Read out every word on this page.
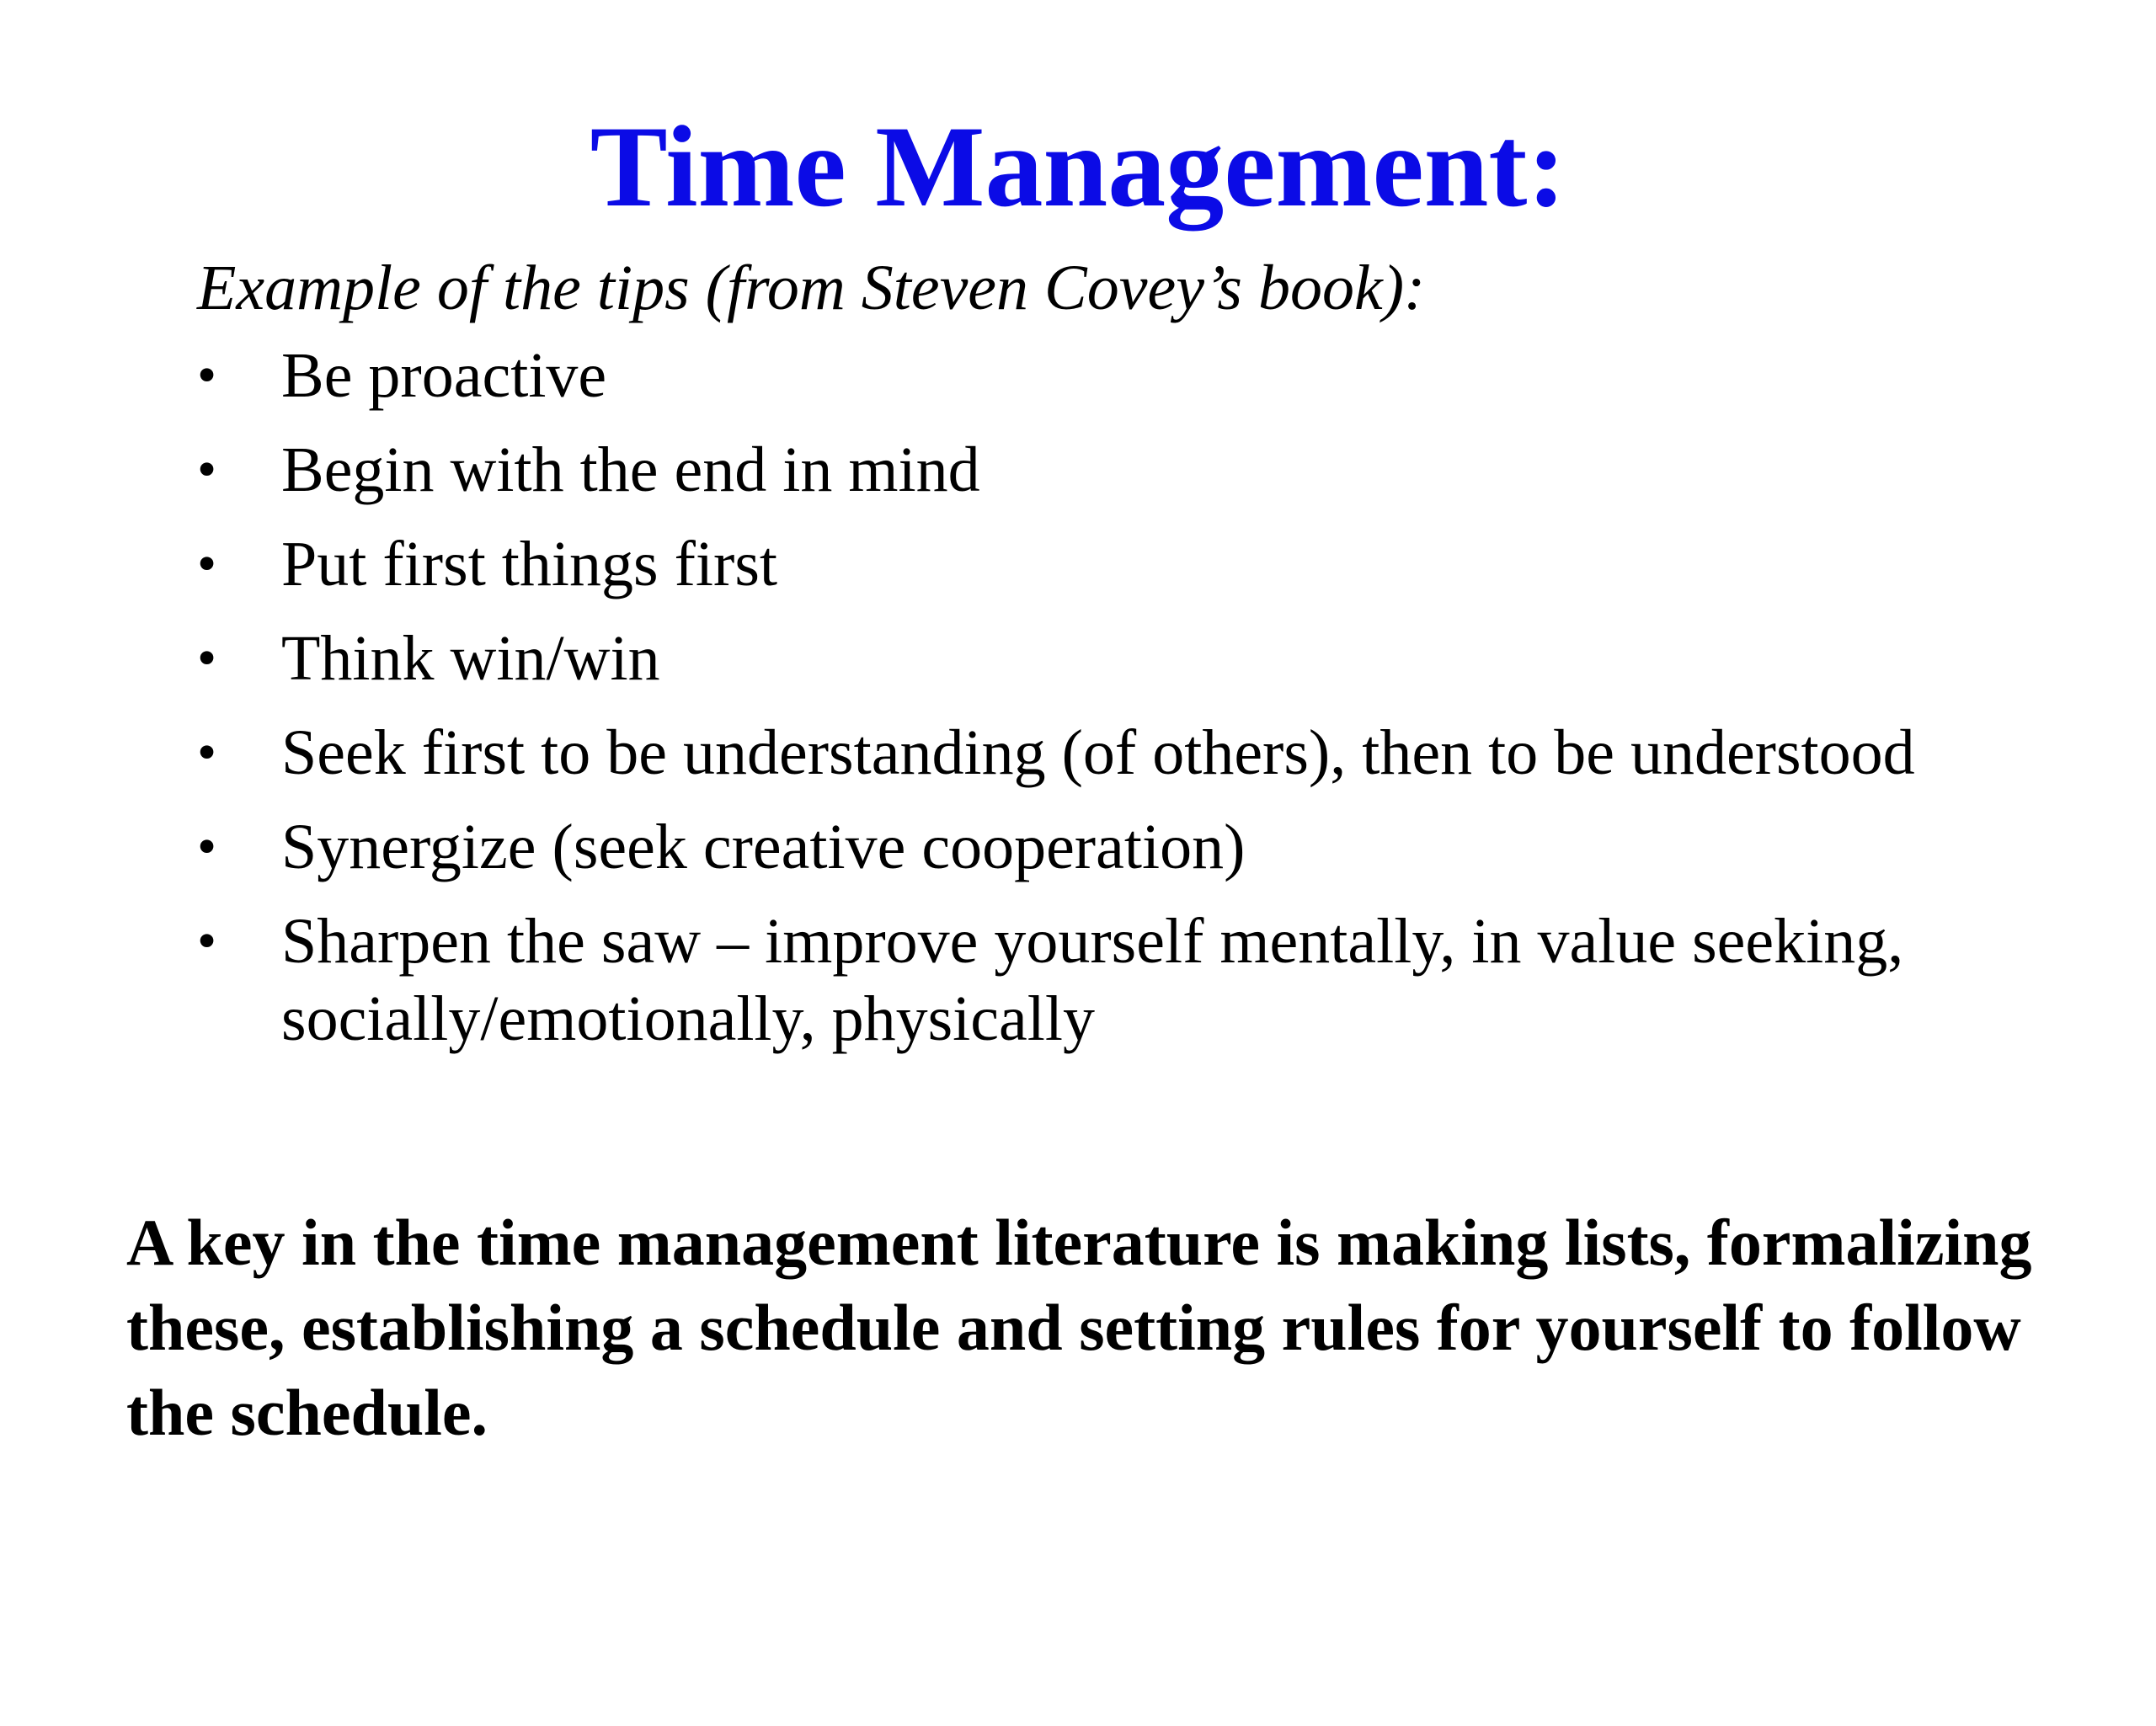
Time Management:

Example of the tips (from Steven Covey’s book):

•	Be proactive
•	Begin with the end in mind
•	Put first things first
•	Think win/win
•	Seek first to be understanding (of others), then to be understood
•	Synergize (seek creative cooperation)
•	Sharpen the saw – improve yourself mentally, in value seeking, socially/emotionally, physically

A key in the time management literature is making lists, formalizing these, establishing a schedule and setting rules for yourself to follow the schedule.
